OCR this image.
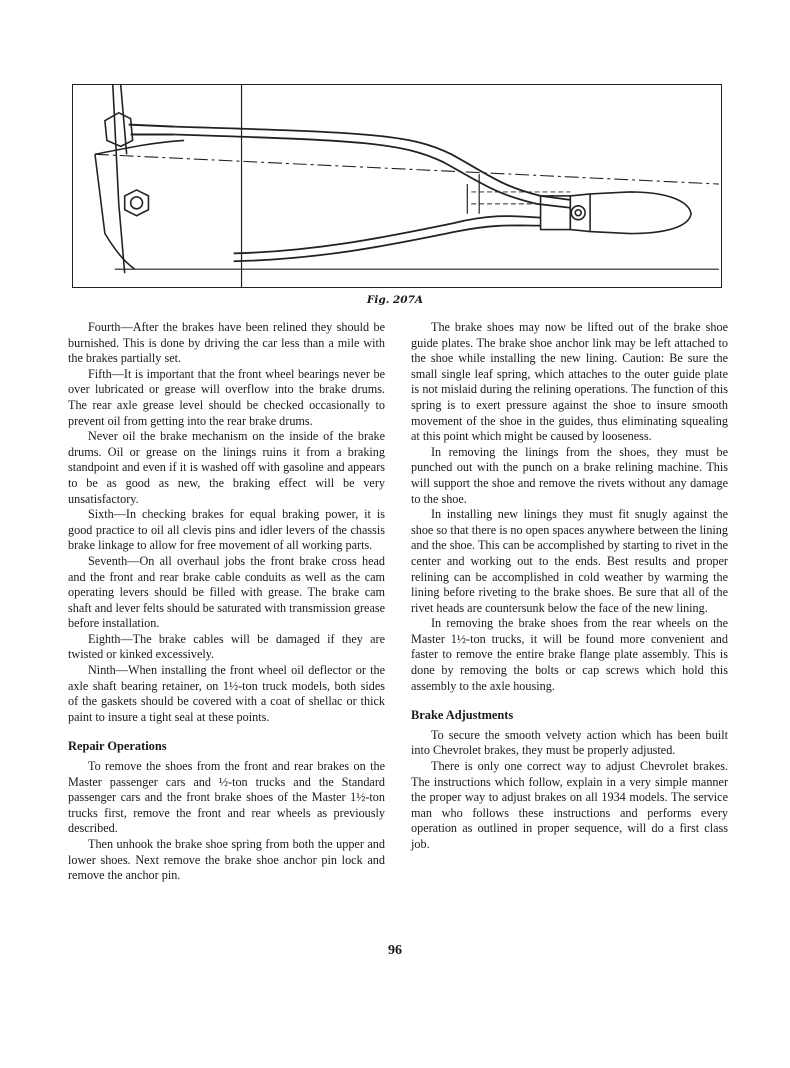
Fig. 207A

Fourth—After the brakes have been relined they should be burnished. This is done by driving the car less than a mile with the brakes partially set.

Fifth—It is important that the front wheel bearings never be over lubricated or grease will overflow into the brake drums. The rear axle grease level should be checked occasionally to prevent oil from getting into the rear brake drums.

Never oil the brake mechanism on the inside of the brake drums. Oil or grease on the linings ruins it from a braking standpoint and even if it is washed off with gasoline and appears to be as good as new, the braking effect will be very unsatisfactory.

Sixth—In checking brakes for equal braking power, it is good practice to oil all clevis pins and idler levers of the chassis brake linkage to allow for free movement of all working parts.

Seventh—On all overhaul jobs the front brake cross head and the front and rear brake cable conduits as well as the cam operating levers should be filled with grease. The brake cam shaft and lever felts should be saturated with transmission grease before installation.

Eighth—The brake cables will be damaged if they are twisted or kinked excessively.

Ninth—When installing the front wheel oil deflector or the axle shaft bearing retainer, on 1½-ton truck models, both sides of the gaskets should be covered with a coat of shellac or thick paint to insure a tight seal at these points.

Repair Operations

To remove the shoes from the front and rear brakes on the Master passenger cars and ½-ton trucks and the Standard passenger cars and the front brake shoes of the Master 1½-ton trucks first, remove the front and rear wheels as previously described.

Then unhook the brake shoe spring from both the upper and lower shoes. Next remove the brake shoe anchor pin lock and remove the anchor pin.

The brake shoes may now be lifted out of the brake shoe guide plates. The brake shoe anchor link may be left attached to the shoe while installing the new lining. Caution: Be sure the small single leaf spring, which attaches to the outer guide plate is not mislaid during the relining operations. The function of this spring is to exert pressure against the shoe to insure smooth movement of the shoe in the guides, thus eliminating squealing at this point which might be caused by looseness.

In removing the linings from the shoes, they must be punched out with the punch on a brake relining machine. This will support the shoe and remove the rivets without any damage to the shoe.

In installing new linings they must fit snugly against the shoe so that there is no open spaces anywhere between the lining and the shoe. This can be accomplished by starting to rivet in the center and working out to the ends. Best results and proper relining can be accomplished in cold weather by warming the lining before riveting to the brake shoes. Be sure that all of the rivet heads are countersunk below the face of the new lining.

In removing the brake shoes from the rear wheels on the Master 1½-ton trucks, it will be found more convenient and faster to remove the entire brake flange plate assembly. This is done by removing the bolts or cap screws which hold this assembly to the axle housing.

Brake Adjustments

To secure the smooth velvety action which has been built into Chevrolet brakes, they must be properly adjusted.

There is only one correct way to adjust Chevrolet brakes. The instructions which follow, explain in a very simple manner the proper way to adjust brakes on all 1934 models. The service man who follows these instructions and performs every operation as outlined in proper sequence, will do a first class job.

96
